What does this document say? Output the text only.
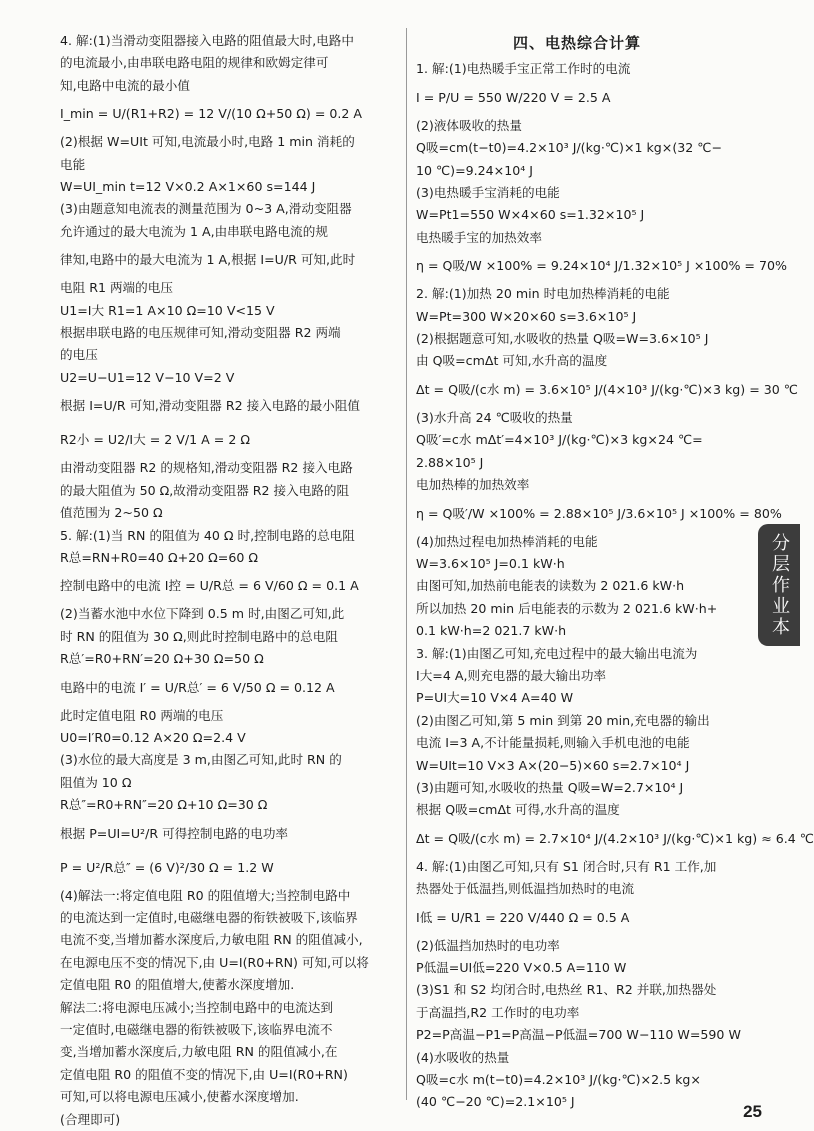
4. 解:(1)当滑动变阻器接入电路的阻值最大时,电路中
的电流最小,由串联电路电阻的规律和欧姆定律可
知,电路中电流的最小值
I_min = U/(R1+R2) = 12 V/(10 Ω+50 Ω) = 0.2 A
(2)根据 W=UIt 可知,电流最小时,电路 1 min 消耗的
电能
W=UI_min t=12 V×0.2 A×1×60 s=144 J
(3)由题意知电流表的测量范围为 0~3 A,滑动变阻器
允许通过的最大电流为 1 A,由串联电路电流的规
律知,电路中的最大电流为 1 A,根据 I=U/R 可知,此时
电阻 R1 两端的电压
U1=I大 R1=1 A×10 Ω=10 V<15 V
根据串联电路的电压规律可知,滑动变阻器 R2 两端
的电压
U2=U−U1=12 V−10 V=2 V
根据 I=U/R 可知,滑动变阻器 R2 接入电路的最小阻值
R2小 = U2/I大 = 2 V/1 A = 2 Ω
由滑动变阻器 R2 的规格知,滑动变阻器 R2 接入电路
的最大阻值为 50 Ω,故滑动变阻器 R2 接入电路的阻
值范围为 2~50 Ω
5. 解:(1)当 RN 的阻值为 40 Ω 时,控制电路的总电阻
R总=RN+R0=40 Ω+20 Ω=60 Ω
控制电路中的电流 I控 = U/R总 = 6 V/60 Ω = 0.1 A
(2)当蓄水池中水位下降到 0.5 m 时,由图乙可知,此
时 RN 的阻值为 30 Ω,则此时控制电路中的总电阻
R总′=R0+RN′=20 Ω+30 Ω=50 Ω
电路中的电流 I′ = U/R总′ = 6 V/50 Ω = 0.12 A
此时定值电阻 R0 两端的电压
U0=I′R0=0.12 A×20 Ω=2.4 V
(3)水位的最大高度是 3 m,由图乙可知,此时 RN 的
阻值为 10 Ω
R总″=R0+RN″=20 Ω+10 Ω=30 Ω
根据 P=UI=U²/R 可得控制电路的电功率
P = U²/R总″ = (6 V)²/30 Ω = 1.2 W
(4)解法一:将定值电阻 R0 的阻值增大;当控制电路中
的电流达到一定值时,电磁继电器的衔铁被吸下,该临界
电流不变,当增加蓄水深度后,力敏电阻 RN 的阻值减小,
在电源电压不变的情况下,由 U=I(R0+RN) 可知,可以将
定值电阻 R0 的阻值增大,使蓄水深度增加.
解法二:将电源电压减小;当控制电路中的电流达到
一定值时,电磁继电器的衔铁被吸下,该临界电流不
变,当增加蓄水深度后,力敏电阻 RN 的阻值减小,在
定值电阻 R0 的阻值不变的情况下,由 U=I(R0+RN)
可知,可以将电源电压减小,使蓄水深度增加.
(合理即可)
四、电热综合计算
1. 解:(1)电热暖手宝正常工作时的电流
I = P/U = 550 W/220 V = 2.5 A
(2)液体吸收的热量
Q吸=cm(t−t0)=4.2×10³ J/(kg·℃)×1 kg×(32 ℃−
10 ℃)=9.24×10⁴ J
(3)电热暖手宝消耗的电能
W=Pt1=550 W×4×60 s=1.32×10⁵ J
电热暖手宝的加热效率
η = Q吸/W ×100% = 9.24×10⁴ J/1.32×10⁵ J ×100% = 70%
2. 解:(1)加热 20 min 时电加热棒消耗的电能
W=Pt=300 W×20×60 s=3.6×10⁵ J
(2)根据题意可知,水吸收的热量 Q吸=W=3.6×10⁵ J
由 Q吸=cmΔt 可知,水升高的温度
Δt = Q吸/(c水 m) = 3.6×10⁵ J/(4×10³ J/(kg·℃)×3 kg) = 30 ℃
(3)水升高 24 ℃吸收的热量
Q吸′=c水 mΔt′=4×10³ J/(kg·℃)×3 kg×24 ℃=
2.88×10⁵ J
电加热棒的加热效率
η = Q吸′/W ×100% = 2.88×10⁵ J/3.6×10⁵ J ×100% = 80%
(4)加热过程电加热棒消耗的电能
W=3.6×10⁵ J=0.1 kW·h
由图可知,加热前电能表的读数为 2 021.6 kW·h
所以加热 20 min 后电能表的示数为 2 021.6 kW·h+
0.1 kW·h=2 021.7 kW·h
3. 解:(1)由图乙可知,充电过程中的最大输出电流为
I大=4 A,则充电器的最大输出功率
P=UI大=10 V×4 A=40 W
(2)由图乙可知,第 5 min 到第 20 min,充电器的输出
电流 I=3 A,不计能量损耗,则输入手机电池的电能
W=UIt=10 V×3 A×(20−5)×60 s=2.7×10⁴ J
(3)由题可知,水吸收的热量 Q吸=W=2.7×10⁴ J
根据 Q吸=cmΔt 可得,水升高的温度
Δt = Q吸/(c水 m) = 2.7×10⁴ J/(4.2×10³ J/(kg·℃)×1 kg) ≈ 6.4 ℃
4. 解:(1)由图乙可知,只有 S1 闭合时,只有 R1 工作,加
热器处于低温挡,则低温挡加热时的电流
I低 = U/R1 = 220 V/440 Ω = 0.5 A
(2)低温挡加热时的电功率
P低温=UI低=220 V×0.5 A=110 W
(3)S1 和 S2 均闭合时,电热丝 R1、R2 并联,加热器处
于高温挡,R2 工作时的电功率
P2=P高温−P1=P高温−P低温=700 W−110 W=590 W
(4)水吸收的热量
Q吸=c水 m(t−t0)=4.2×10³ J/(kg·℃)×2.5 kg×
(40 ℃−20 ℃)=2.1×10⁵ J
分层作业本
25
